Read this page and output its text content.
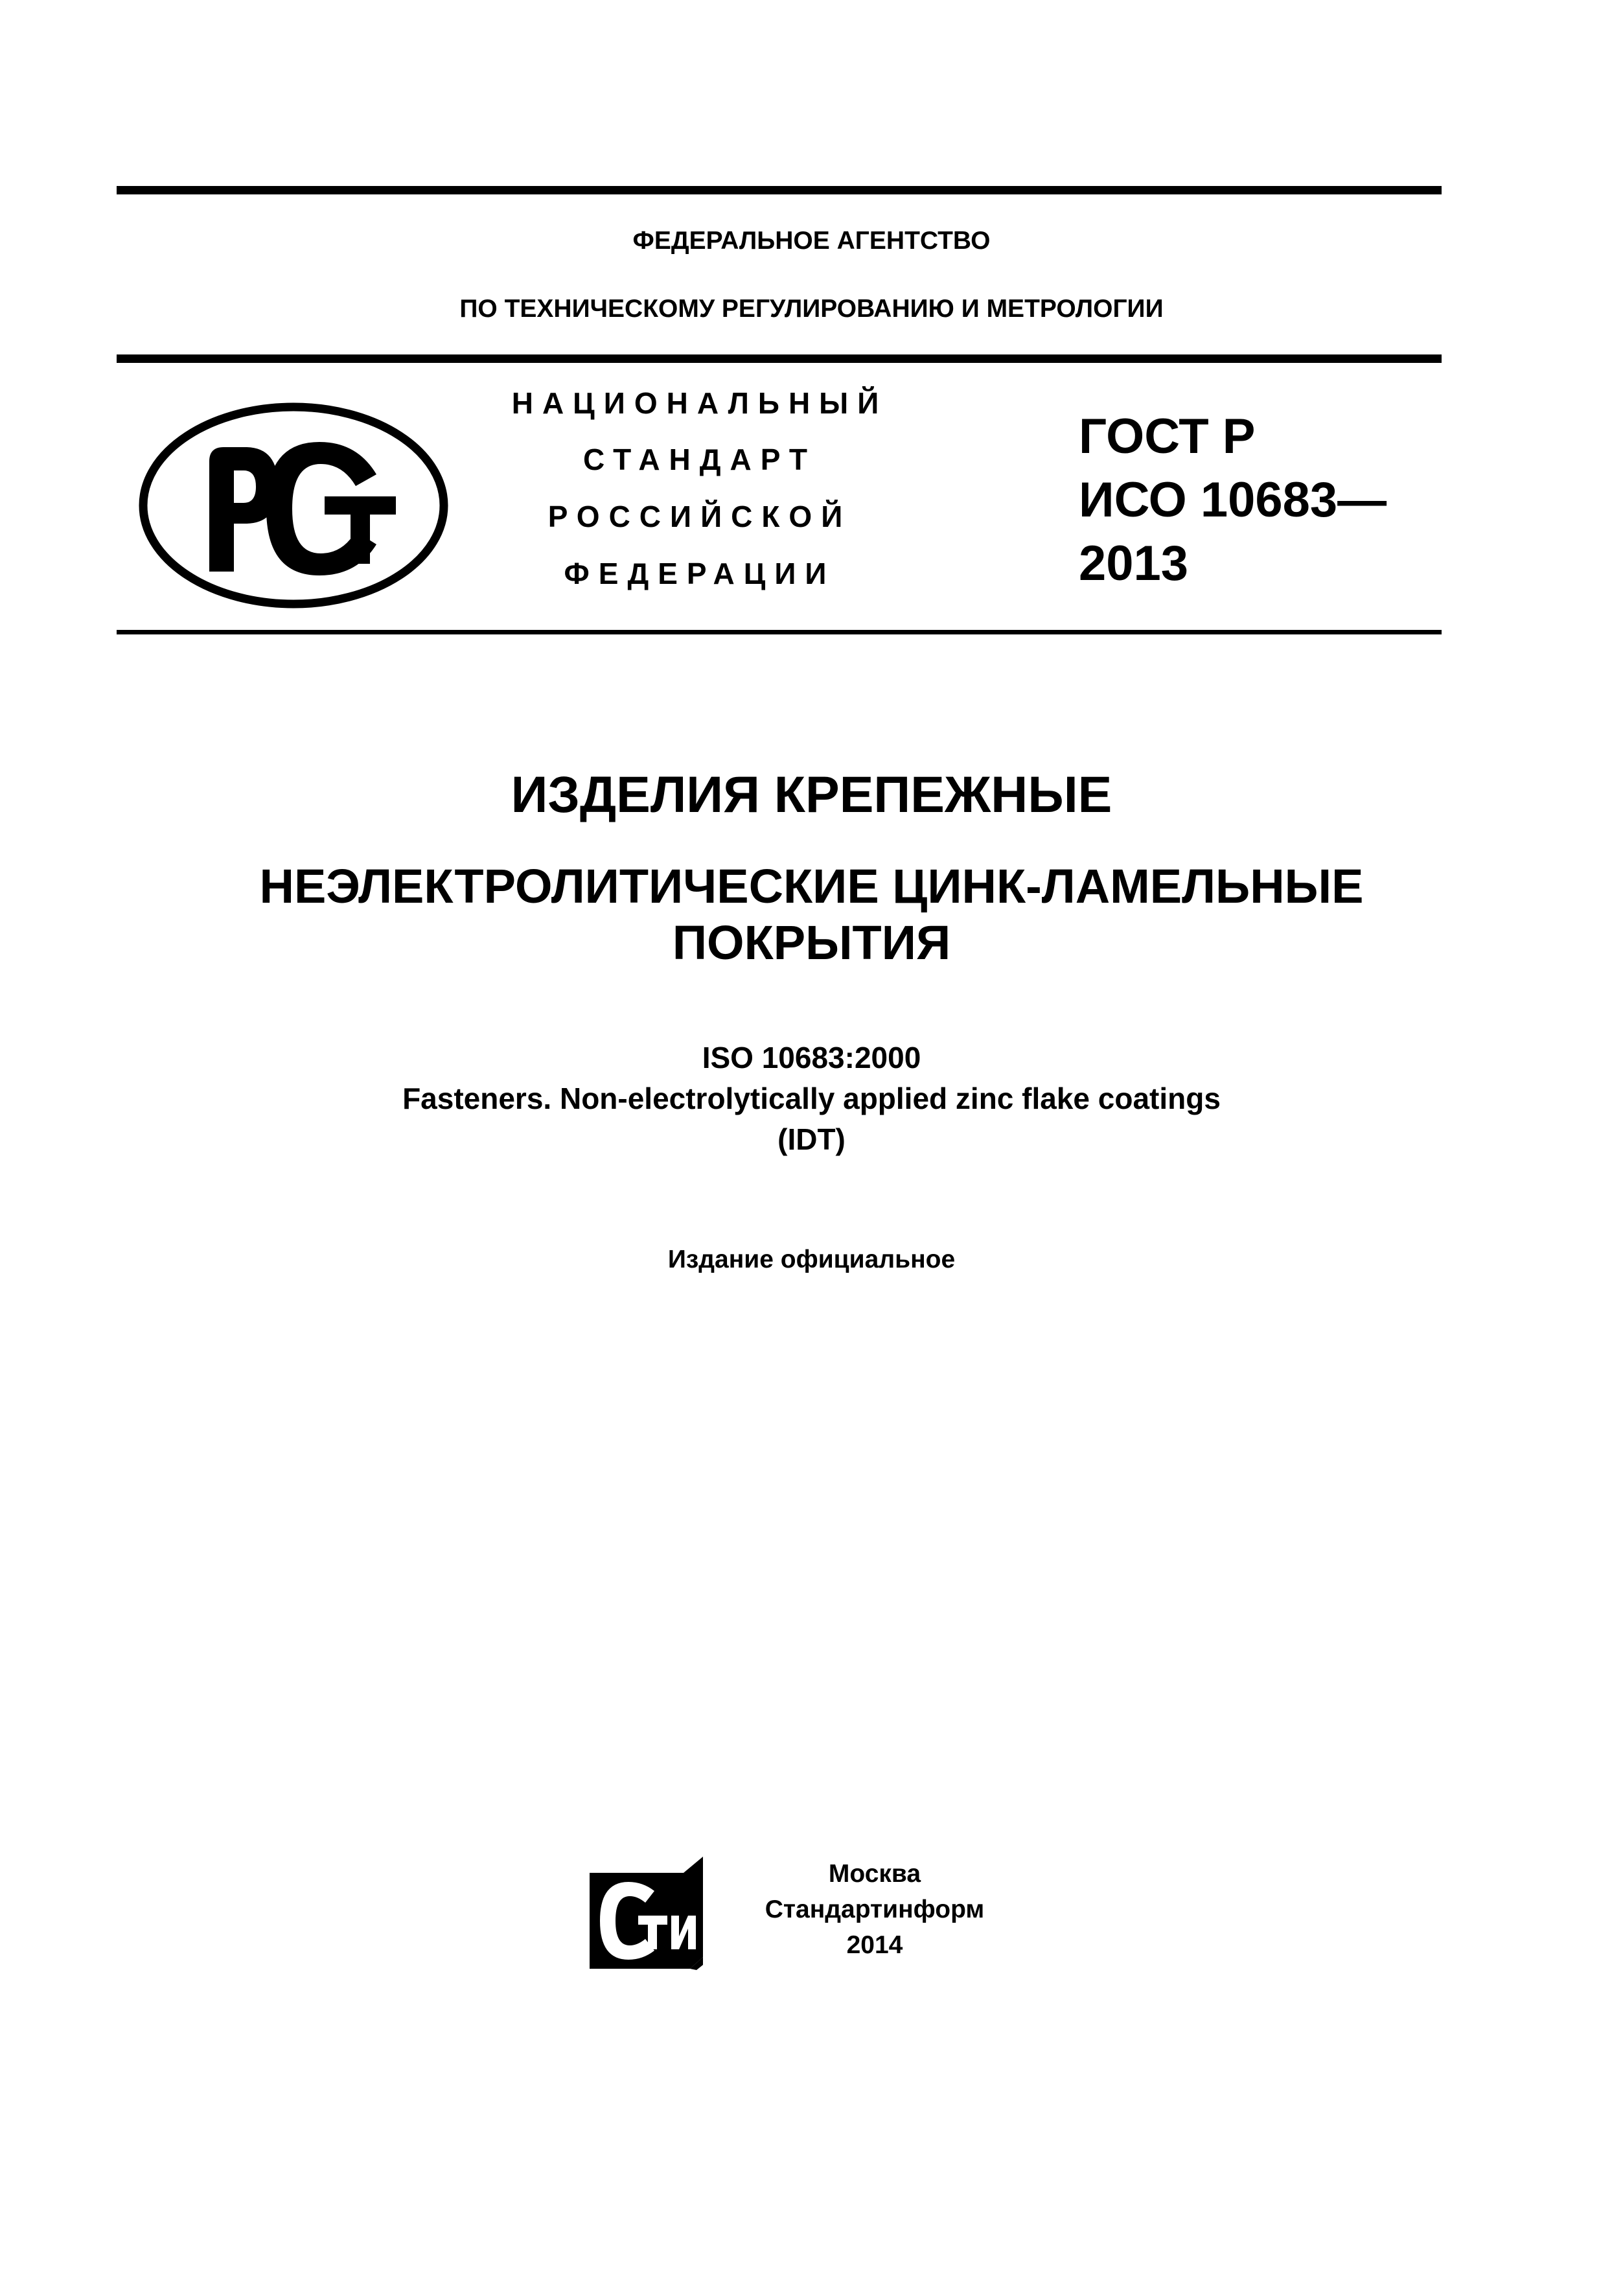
ФЕДЕРАЛЬНОЕ АГЕНТСТВО
ПО ТЕХНИЧЕСКОМУ РЕГУЛИРОВАНИЮ И МЕТРОЛОГИИ
НАЦИОНАЛЬНЫЙ
СТАНДАРТ
РОССИЙСКОЙ
ФЕДЕРАЦИИ
ГОСТ Р
ИСО 10683—
2013
ИЗДЕЛИЯ КРЕПЕЖНЫЕ
НЕЭЛЕКТРОЛИТИЧЕСКИЕ ЦИНК-ЛАМЕЛЬНЫЕ
ПОКРЫТИЯ
ISO 10683:2000
Fasteners. Non-electrolytically applied zinc flake coatings
(IDT)
Издание официальное
Москва
Стандартинформ
2014
